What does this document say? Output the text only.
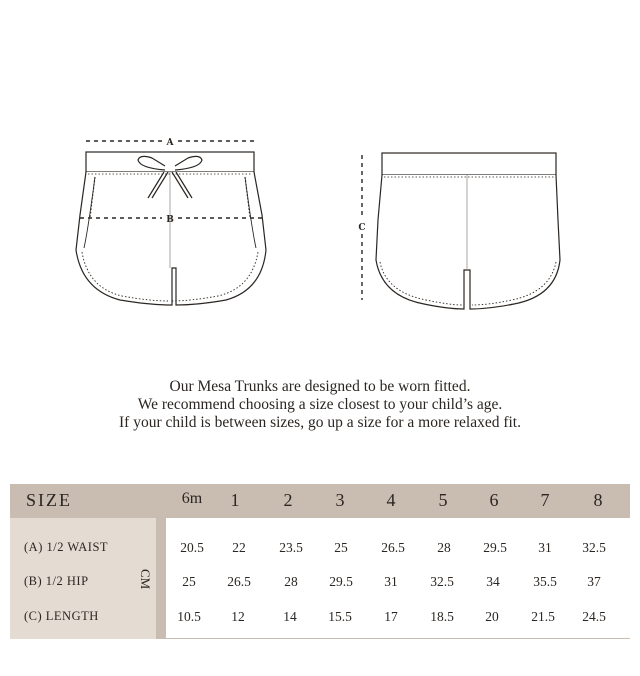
A
B
C
Our Mesa Trunks are designed to be worn fitted.
We recommend choosing a size closest to your child’s age.
If your child is between sizes, go up a size for a more relaxed fit.
SIZE	6m	1	2	3	4	5	6	7	8
CM
(A) 1/2 WAIST	20.5	22	23.5	25	26.5	28	29.5	31	32.5
(B) 1/2 HIP	25	26.5	28	29.5	31	32.5	34	35.5	37
(C) LENGTH	10.5	12	14	15.5	17	18.5	20	21.5	24.5
